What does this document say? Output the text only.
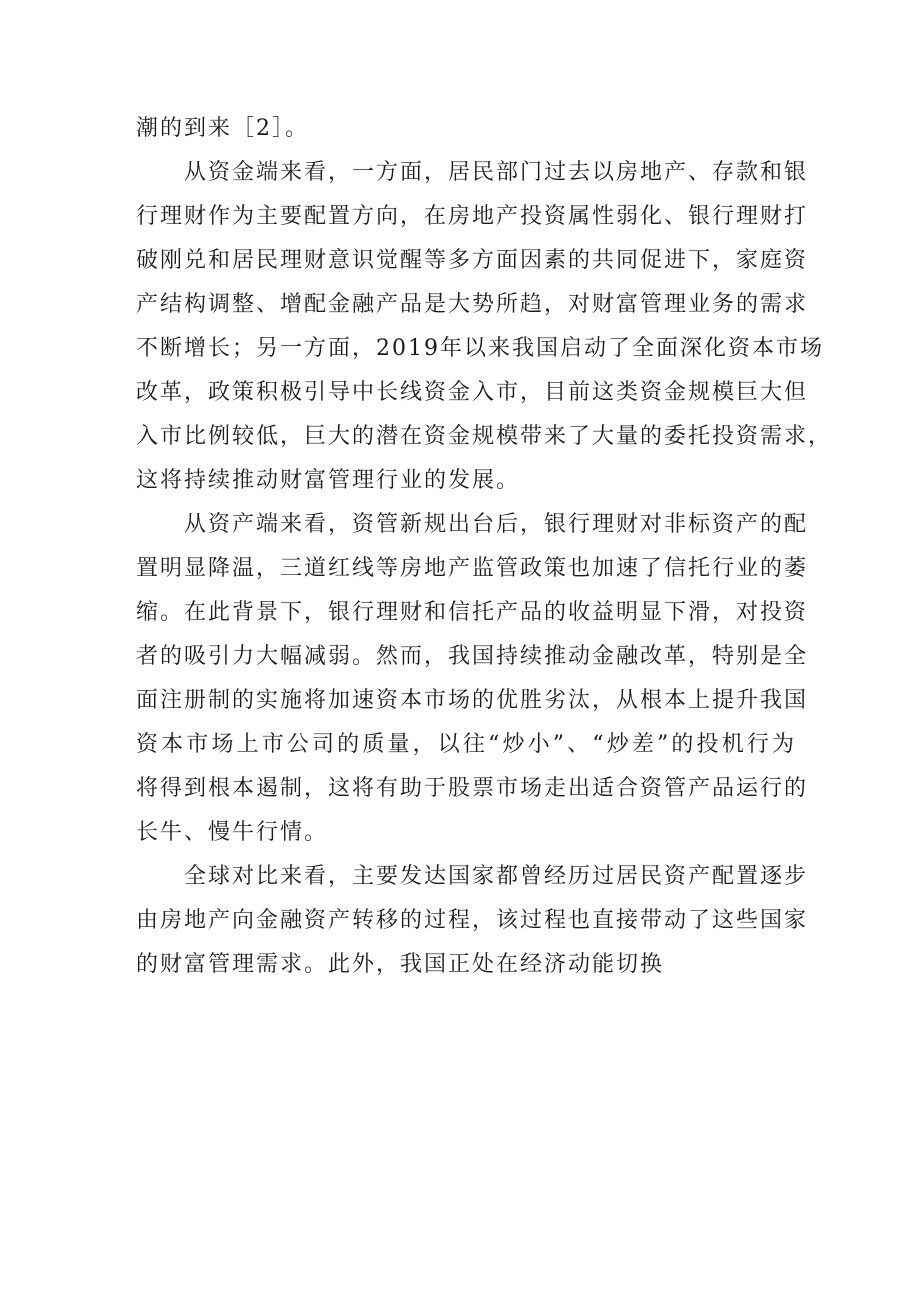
潮的到来［2］。
从资金端来看，一方面，居民部门过去以房地产、存款和银
行理财作为主要配置方向，在房地产投资属性弱化、银行理财打
破刚兑和居民理财意识觉醒等多方面因素的共同促进下，家庭资
产结构调整、增配金融产品是大势所趋，对财富管理业务的需求
不断增长；另一方面，2019年以来我国启动了全面深化资本市场
改革，政策积极引导中长线资金入市，目前这类资金规模巨大但
入市比例较低，巨大的潜在资金规模带来了大量的委托投资需求，
这将持续推动财富管理行业的发展。
从资产端来看，资管新规出台后，银行理财对非标资产的配
置明显降温，三道红线等房地产监管政策也加速了信托行业的萎
缩。在此背景下，银行理财和信托产品的收益明显下滑，对投资
者的吸引力大幅减弱。然而，我国持续推动金融改革，特别是全
面注册制的实施将加速资本市场的优胜劣汰，从根本上提升我国
资本市场上市公司的质量，以往“炒小”、“炒差”的投机行为
将得到根本遏制，这将有助于股票市场走出适合资管产品运行的
长牛、慢牛行情。
全球对比来看，主要发达国家都曾经历过居民资产配置逐步
由房地产向金融资产转移的过程，该过程也直接带动了这些国家
的财富管理需求。此外，我国正处在经济动能切换
